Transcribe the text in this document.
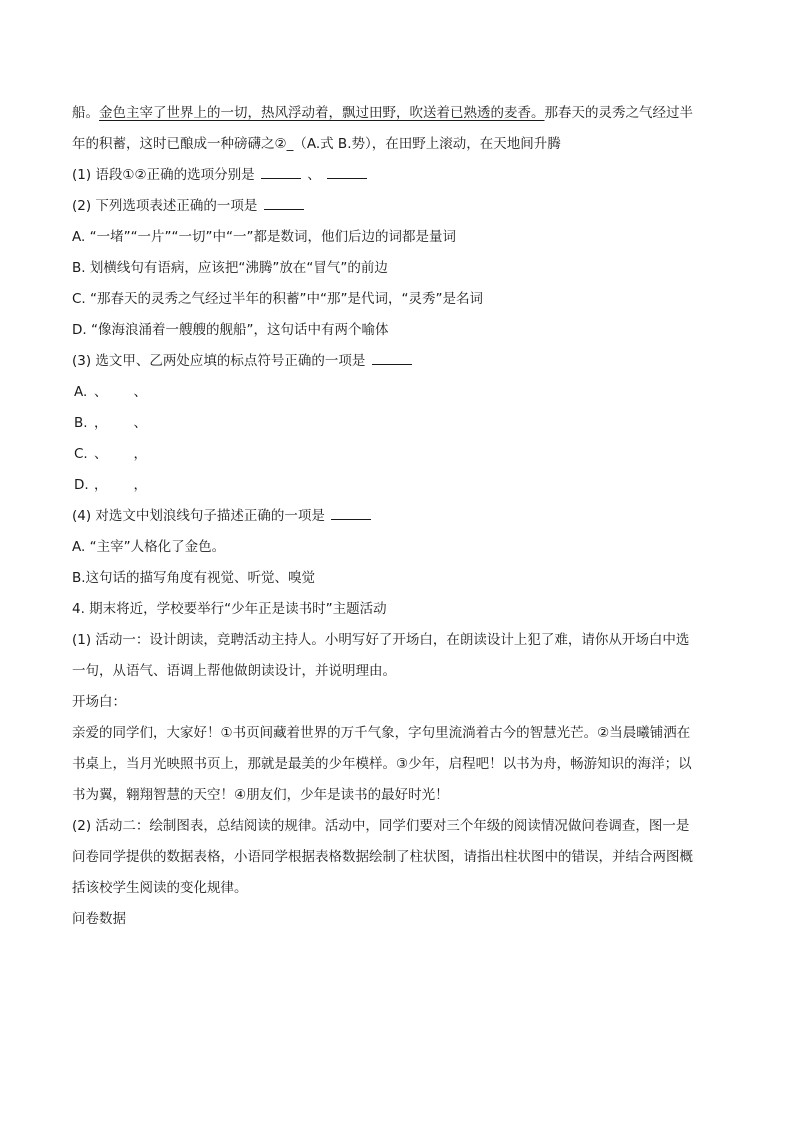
船。金色主宰了世界上的一切，热风浮动着，飘过田野，吹送着已熟透的麦香。那春天的灵秀之气经过半
年的积蓄，这时已酿成一种磅礴之②_（A.式 B.势），在田野上滚动，在天地间升腾
(1) 语段①②正确的选项分别是	、
(2) 下列选项表述正确的一项是
A. “一堵”“一片”“一切”中“一”都是数词，他们后边的词都是量词
B. 划横线句有语病，应该把“沸腾”放在“冒气”的前边
C. “那春天的灵秀之气经过半年的积蓄”中“那”是代词，“灵秀”是名词
D. “像海浪涌着一艘艘的舰船”，这句话中有两个喻体
(3) 选文甲、乙两处应填的标点符号正确的一项是
A. 、 、
B. ， 、
C. 、 ，
D. ， ，
(4) 对选文中划浪线句子描述正确的一项是
A. “主宰”人格化了金色。
B.这句话的描写角度有视觉、听觉、嗅觉
4. 期末将近，学校要举行“少年正是读书时”主题活动
(1) 活动一：设计朗读，竞聘活动主持人。小明写好了开场白，在朗读设计上犯了难，请你从开场白中选
一句，从语气、语调上帮他做朗读设计，并说明理由。
开场白：
亲爱的同学们，大家好！①书页间藏着世界的万千气象，字句里流淌着古今的智慧光芒。②当晨曦铺洒在
书桌上，当月光映照书页上，那就是最美的少年模样。③少年，启程吧！以书为舟，畅游知识的海洋；以
书为翼，翱翔智慧的天空！④朋友们，少年是读书的最好时光！
(2) 活动二：绘制图表，总结阅读的规律。活动中，同学们要对三个年级的阅读情况做问卷调查，图一是
问卷同学提供的数据表格，小语同学根据表格数据绘制了柱状图，请指出柱状图中的错误，并结合两图概
括该校学生阅读的变化规律。
问卷数据
